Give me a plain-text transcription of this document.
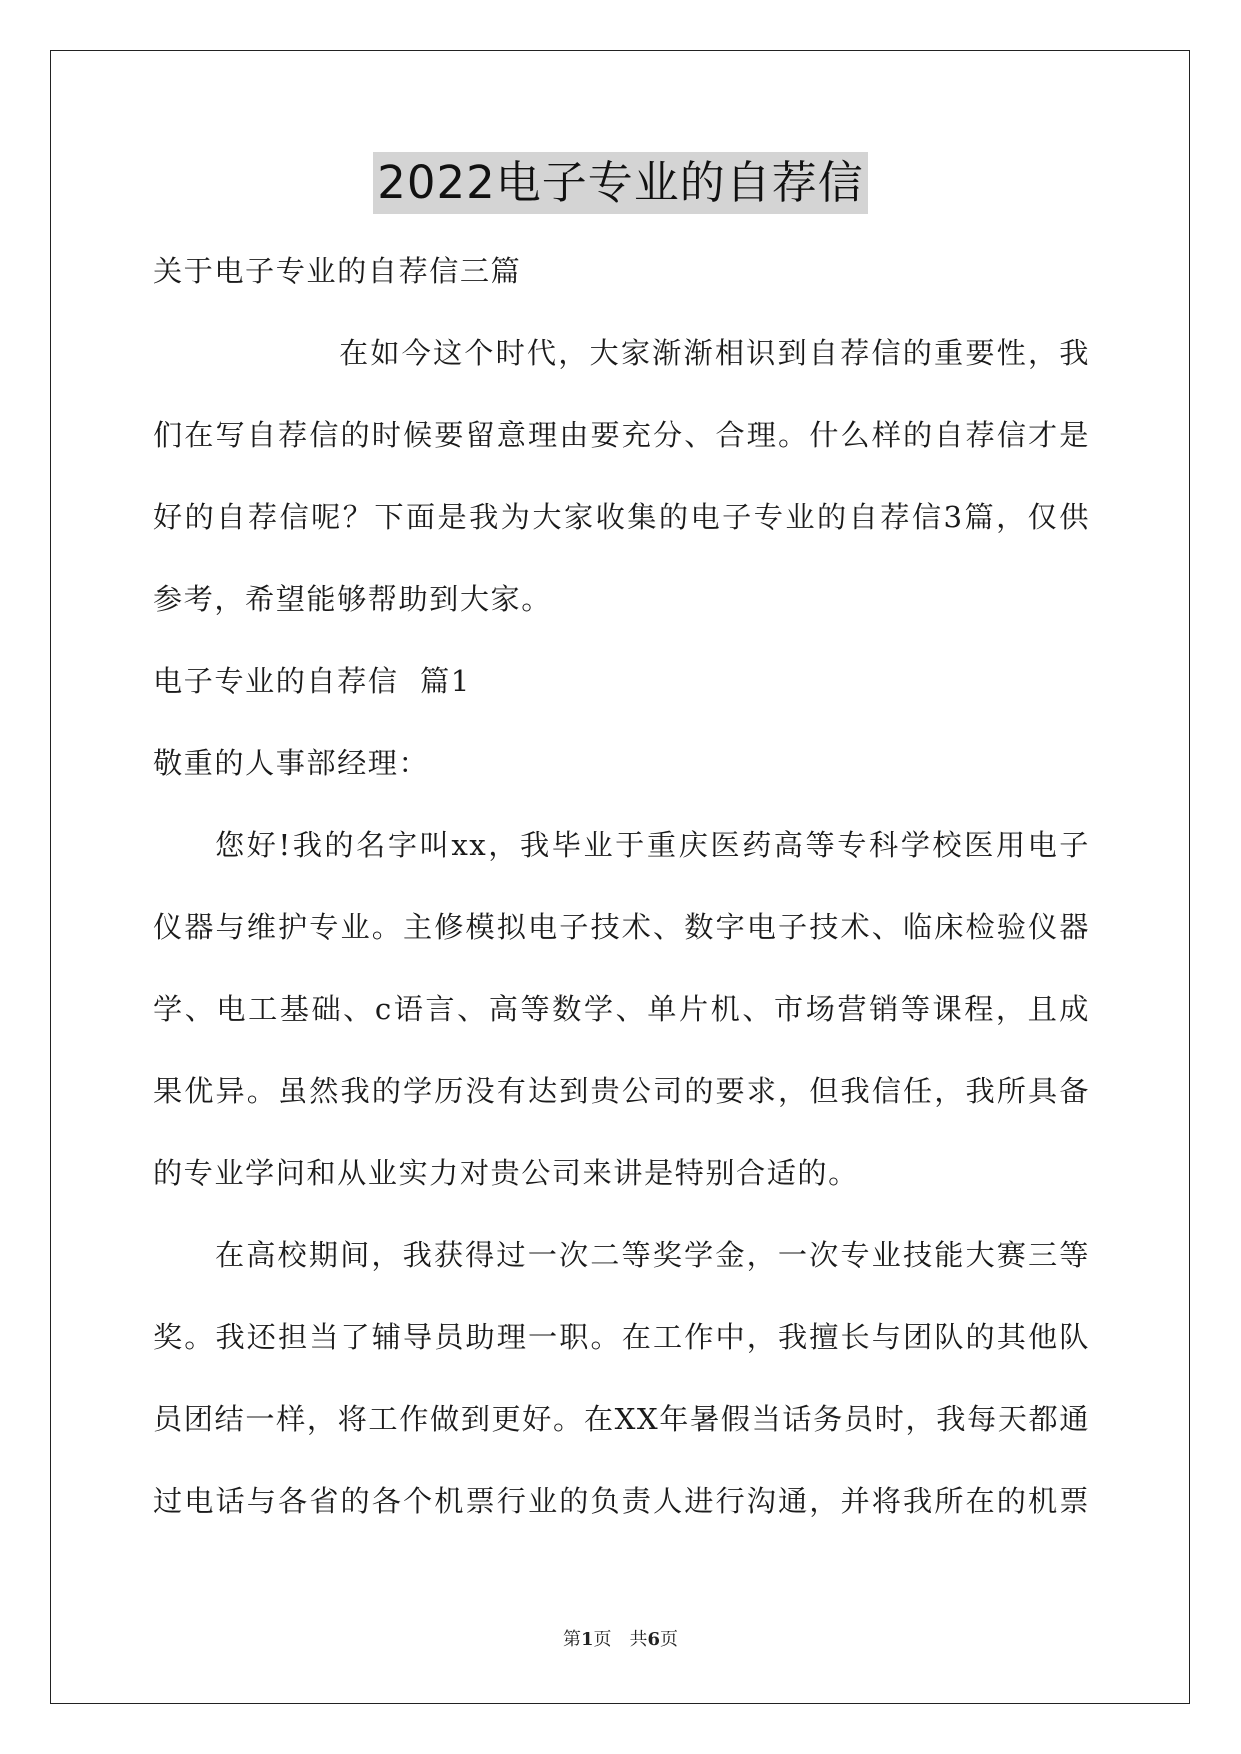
2022电子专业的自荐信
关于电子专业的自荐信三篇
在如今这个时代，大家渐渐相识到自荐信的重要性，我
们在写自荐信的时候要留意理由要充分、合理。什么样的自荐信才是
好的自荐信呢？下面是我为大家收集的电子专业的自荐信3篇，仅供
参考，希望能够帮助到大家。
电子专业的自荐信  篇1
敬重的人事部经理：
您好!我的名字叫xx，我毕业于重庆医药高等专科学校医用电子
仪器与维护专业。主修模拟电子技术、数字电子技术、临床检验仪器
学、电工基础、c语言、高等数学、单片机、市场营销等课程，且成
果优异。虽然我的学历没有达到贵公司的要求，但我信任，我所具备
的专业学问和从业实力对贵公司来讲是特别合适的。
在高校期间，我获得过一次二等奖学金，一次专业技能大赛三等
奖。我还担当了辅导员助理一职。在工作中，我擅长与团队的其他队
员团结一样，将工作做到更好。在XX年暑假当话务员时，我每天都通
过电话与各省的各个机票行业的负责人进行沟通，并将我所在的机票
第1页　共6页
